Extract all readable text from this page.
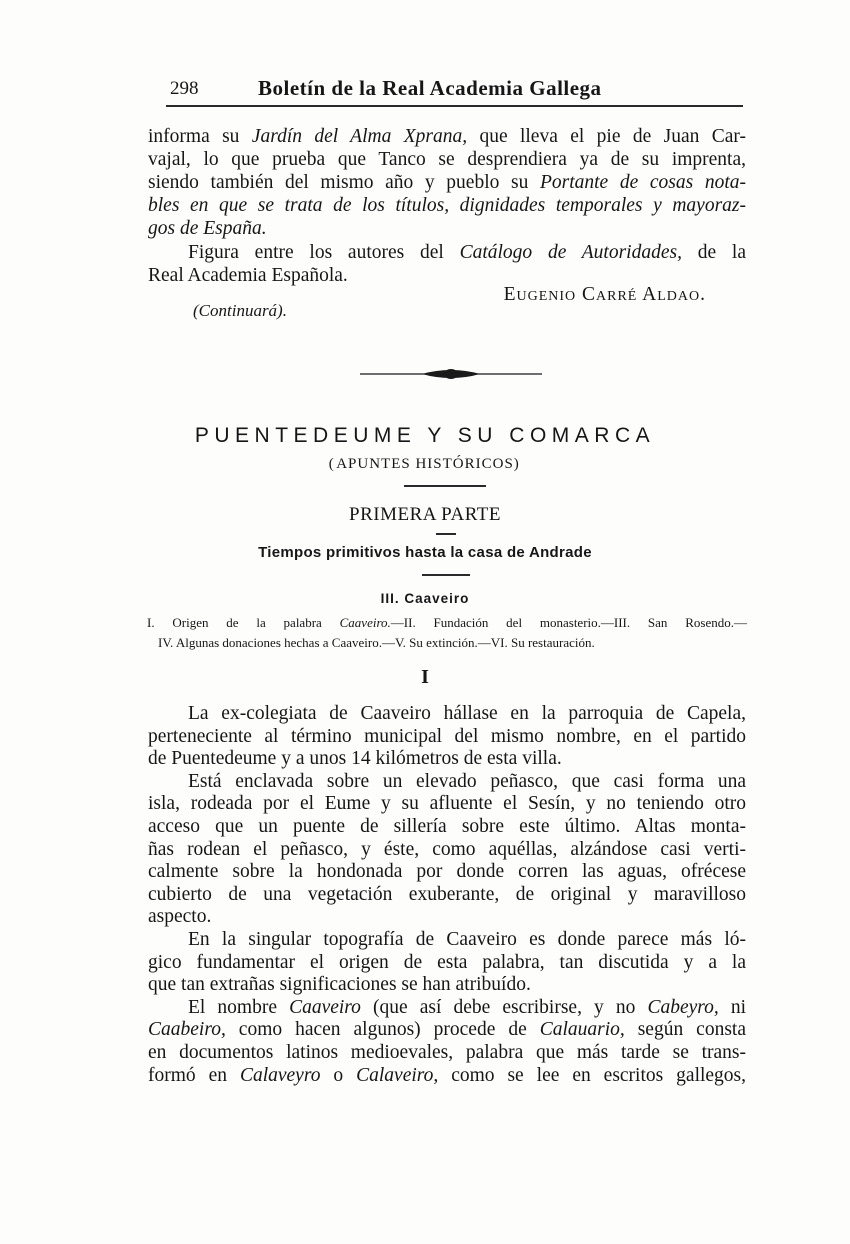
298	Boletín de la Real Academia Gallega
informa su Jardín del Alma Xprana, que lleva el pie de Juan Car-
vajal, lo que prueba que Tanco se desprendiera ya de su imprenta,
siendo también del mismo año y pueblo su Portante de cosas nota-
bles en que se trata de los títulos, dignidades temporales y mayoraz-
gos de España.
Figura entre los autores del Catálogo de Autoridades, de la
Real Academia Española.
Eugenio Carré Aldao.
(Continuará).
PUENTEDEUME Y SU COMARCA
(APUNTES HISTÓRICOS)
PRIMERA PARTE
Tiempos primitivos hasta la casa de Andrade
III. Caaveiro
I. Origen de la palabra Caaveiro.—II. Fundación del monasterio.—III. San Rosendo.—
IV. Algunas donaciones hechas a Caaveiro.—V. Su extinción.—VI. Su restauración.
I
La ex-colegiata de Caaveiro hállase en la parroquia de Capela,
perteneciente al término municipal del mismo nombre, en el partido
de Puentedeume y a unos 14 kilómetros de esta villa.
Está enclavada sobre un elevado peñasco, que casi forma una
isla, rodeada por el Eume y su afluente el Sesín, y no teniendo otro
acceso que un puente de sillería sobre este último. Altas monta-
ñas rodean el peñasco, y éste, como aquéllas, alzándose casi verti-
calmente sobre la hondonada por donde corren las aguas, ofrécese
cubierto de una vegetación exuberante, de original y maravilloso
aspecto.
En la singular topografía de Caaveiro es donde parece más ló-
gico fundamentar el origen de esta palabra, tan discutida y a la
que tan extrañas significaciones se han atribuído.
El nombre Caaveiro (que así debe escribirse, y no Cabeyro, ni
Caabeiro, como hacen algunos) procede de Calauario, según consta
en documentos latinos medioevales, palabra que más tarde se trans-
formó en Calaveyro o Calaveiro, como se lee en escritos gallegos,
